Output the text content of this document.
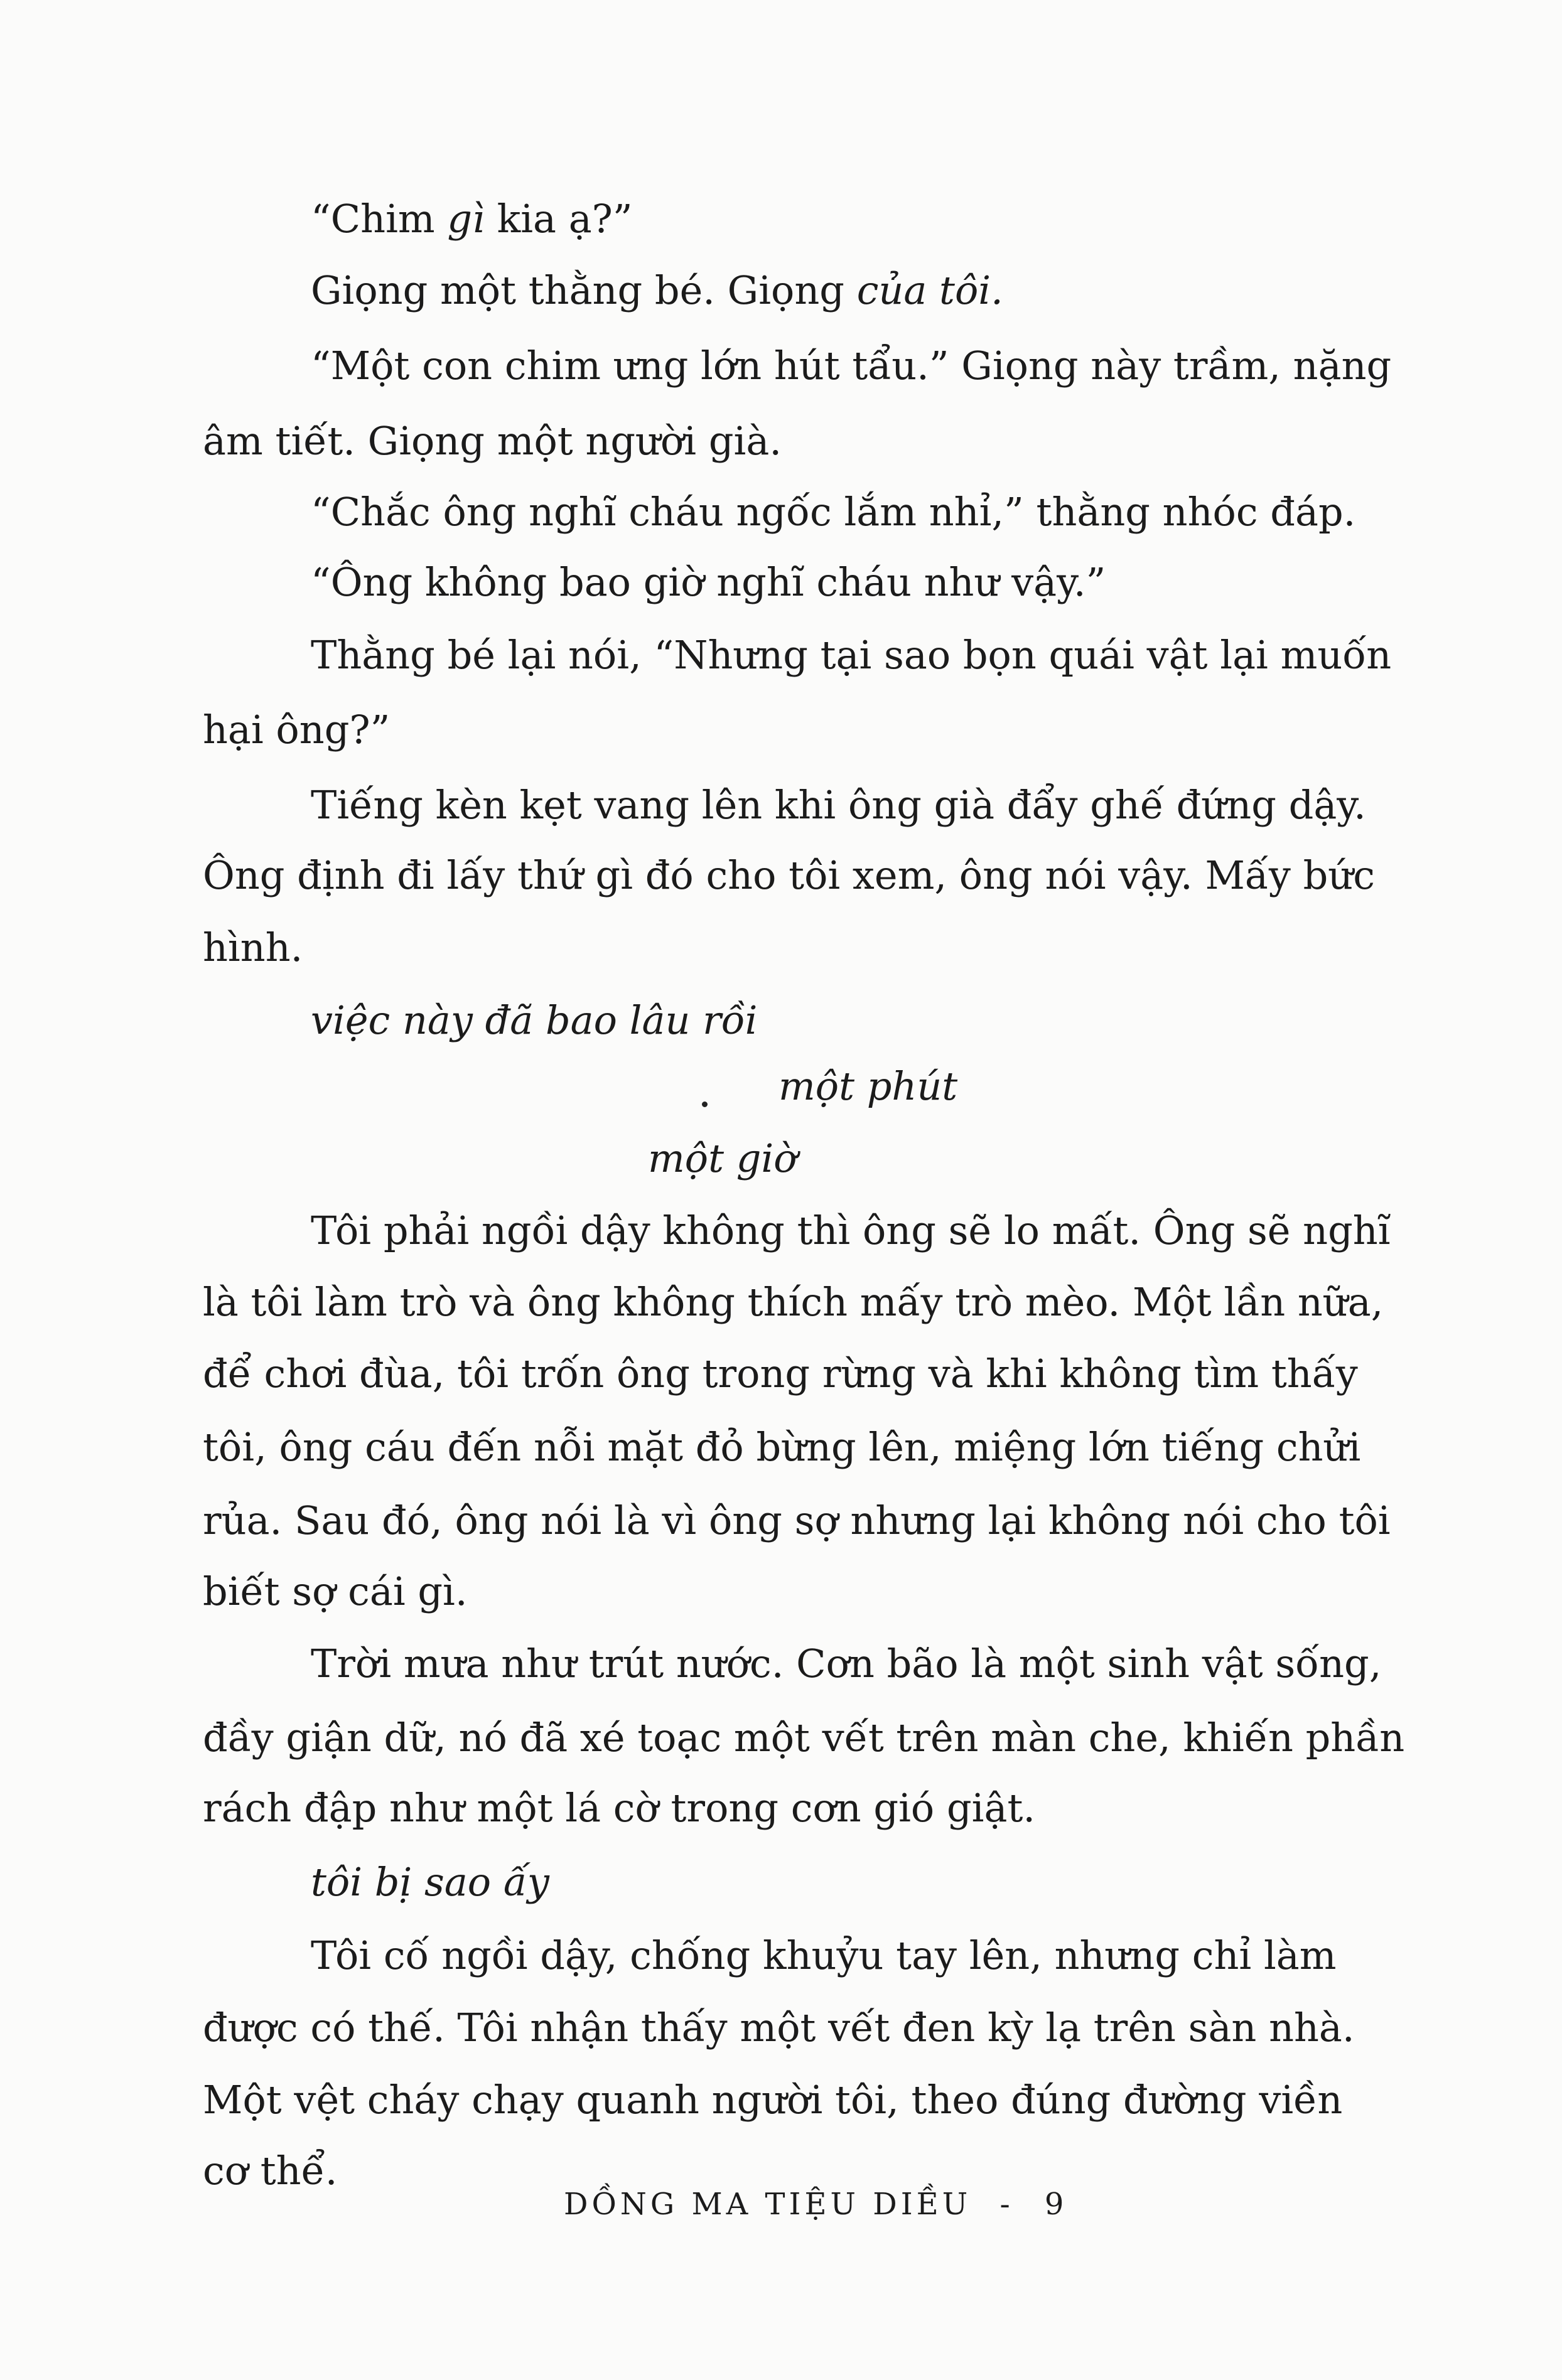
“Chim gì kia ạ?”
Giọng một thằng bé. Giọng của tôi.
“Một con chim ưng lớn hút tẩu.” Giọng này trầm, nặng
âm tiết. Giọng một người già.
“Chắc ông nghĩ cháu ngốc lắm nhỉ,” thằng nhóc đáp.
“Ông không bao giờ nghĩ cháu như vậy.”
Thằng bé lại nói, “Nhưng tại sao bọn quái vật lại muốn
hại ông?”
Tiếng kèn kẹt vang lên khi ông già đẩy ghế đứng dậy.
Ông định đi lấy thứ gì đó cho tôi xem, ông nói vậy. Mấy bức
hình.
việc này đã bao lâu rồi
một phút
một giờ
Tôi phải ngồi dậy không thì ông sẽ lo mất. Ông sẽ nghĩ
là tôi làm trò và ông không thích mấy trò mèo. Một lần nữa,
để chơi đùa, tôi trốn ông trong rừng và khi không tìm thấy
tôi, ông cáu đến nỗi mặt đỏ bừng lên, miệng lớn tiếng chửi
rủa. Sau đó, ông nói là vì ông sợ nhưng lại không nói cho tôi
biết sợ cái gì.
Trời mưa như trút nước. Cơn bão là một sinh vật sống,
đầy giận dữ, nó đã xé toạc một vết trên màn che, khiến phần
rách đập như một lá cờ trong cơn gió giật.
tôi bị sao ấy
Tôi cố ngồi dậy, chống khuỷu tay lên, nhưng chỉ làm
được có thế. Tôi nhận thấy một vết đen kỳ lạ trên sàn nhà.
Một vệt cháy chạy quanh người tôi, theo đúng đường viền
cơ thể.
DỒNG MA TIỆU DIỀU - 9
